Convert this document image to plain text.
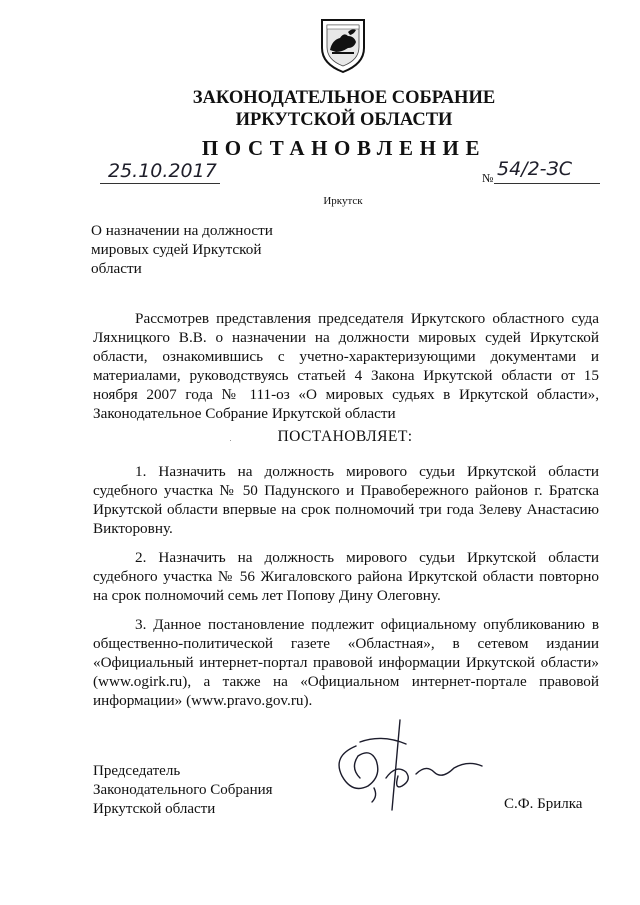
ЗАКОНОДАТЕЛЬНОЕ СОБРАНИЕ
ИРКУТСКОЙ ОБЛАСТИ
ПОСТАНОВЛЕНИЕ
25.10.2017	№ 54/2-ЗС
Иркутск
О назначении на должности мировых судей Иркутской области
Рассмотрев представления председателя Иркутского областного суда Ляхницкого В.В. о назначении на должности мировых судей Иркутской области, ознакомившись с учетно-характеризующими документами и материалами, руководствуясь статьей 4 Закона Иркутской области от 15 ноября 2007 года № 111-оз «О мировых судьях в Иркутской области», Законодательное Собрание Иркутской области
ПОСТАНОВЛЯЕТ:
1. Назначить на должность мирового судьи Иркутской области судебного участка № 50 Падунского и Правобережного районов г. Братска Иркутской области впервые на срок полномочий три года Зелеву Анастасию Викторовну.
2. Назначить на должность мирового судьи Иркутской области судебного участка № 56 Жигаловского района Иркутской области повторно на срок полномочий семь лет Попову Дину Олеговну.
3. Данное постановление подлежит официальному опубликованию в общественно-политической газете «Областная», в сетевом издании «Официальный интернет-портал правовой информации Иркутской области» (www.ogirk.ru), а также на «Официальном интернет-портале правовой информации» (www.pravo.gov.ru).
Председатель
Законодательного Собрания
Иркутской области	С.Ф. Брилка
